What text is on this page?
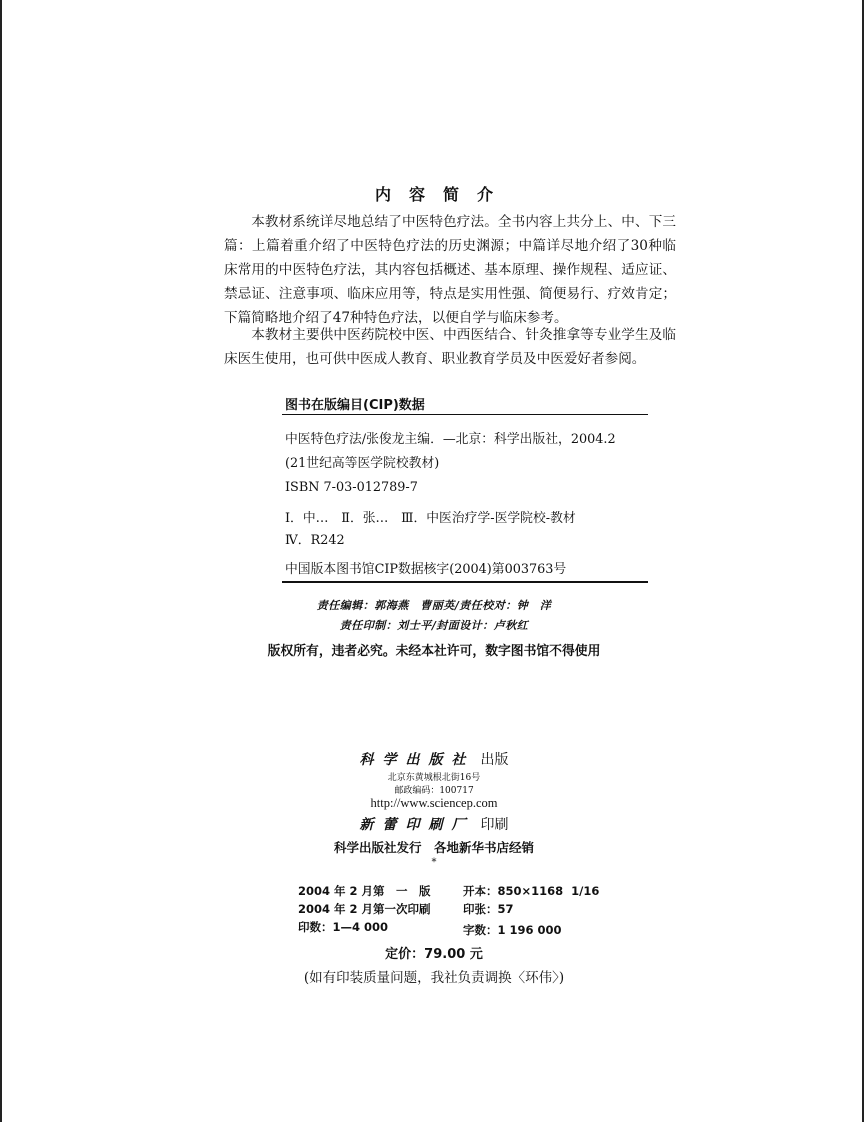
内容简介

本教材系统详尽地总结了中医特色疗法。全书内容上共分上、中、下三篇：上篇着重介绍了中医特色疗法的历史渊源；中篇详尽地介绍了30种临床常用的中医特色疗法，其内容包括概述、基本原理、操作规程、适应证、禁忌证、注意事项、临床应用等，特点是实用性强、简便易行、疗效肯定；下篇简略地介绍了47种特色疗法，以便自学与临床参考。

本教材主要供中医药院校中医、中西医结合、针灸推拿等专业学生及临床医生使用，也可供中医成人教育、职业教育学员及中医爱好者参阅。

图书在版编目(CIP)数据
中医特色疗法/张俊龙主编．—北京：科学出版社，2004.2
(21世纪高等医学院校教材)
ISBN 7-03-012789-7
Ⅰ．中…　Ⅱ．张…　Ⅲ．中医治疗学-医学院校-教材
Ⅳ．R242
中国版本图书馆CIP数据核字(2004)第003763号
责任编辑：郭海燕　曹丽英/责任校对：钟　洋
责任印制：刘士平/封面设计：卢秋红
版权所有，违者必究。未经本社许可，数字图书馆不得使用
科学出版社 出版
北京东黄城根北街16号
邮政编码：100717
http://www.sciencep.com
新蕾印刷厂 印刷
科学出版社发行　各地新华书店经销
*
2004 年 2 月第　一　版	开本：850×1168  1/16
2004 年 2 月第一次印刷	印张：57
印数：1—4 000	字数：1 196 000
定价：79.00 元
(如有印装质量问题，我社负责调换〈环伟〉)
